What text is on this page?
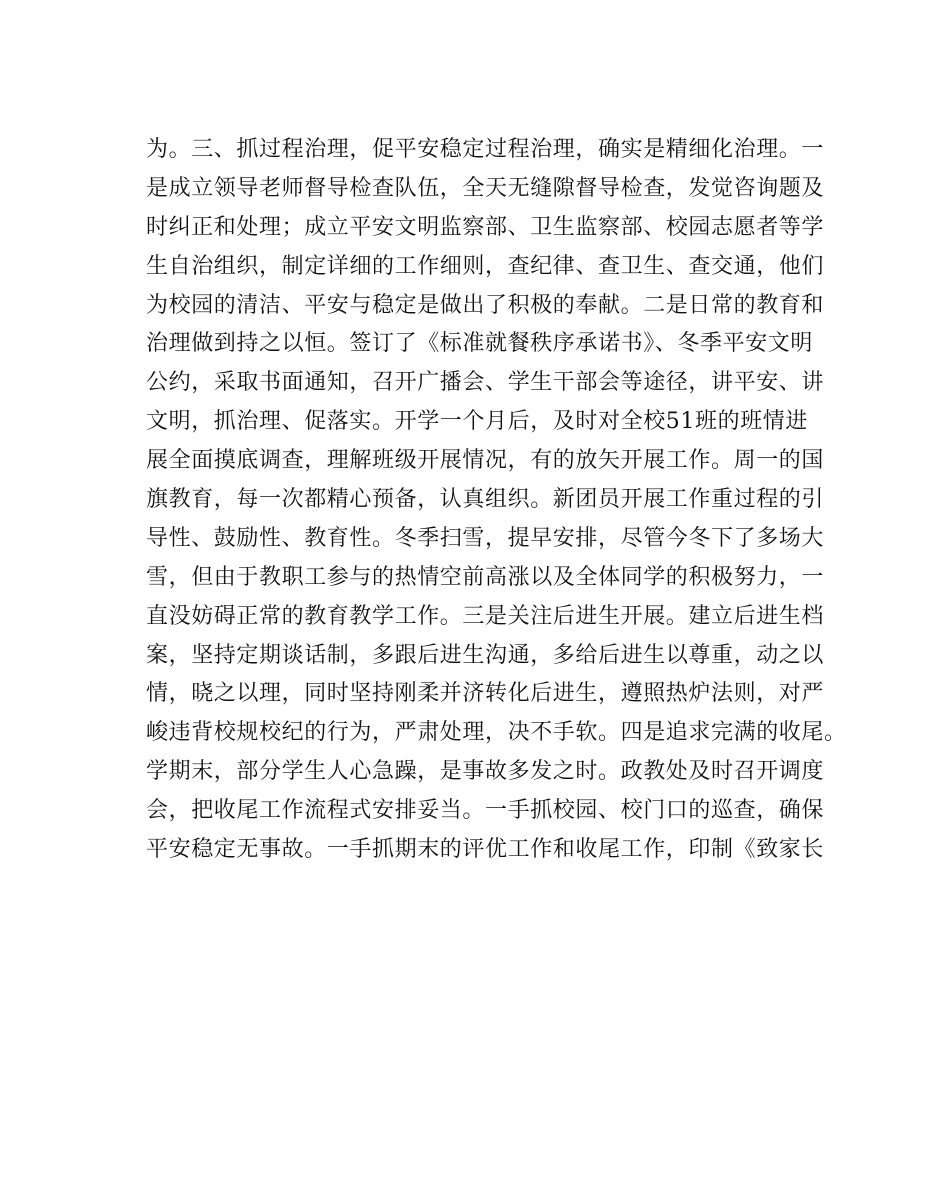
为。三、抓过程治理，促平安稳定过程治理，确实是精细化治理。一
是成立领导老师督导检查队伍，全天无缝隙督导检查，发觉咨询题及
时纠正和处理；成立平安文明监察部、卫生监察部、校园志愿者等学
生自治组织，制定详细的工作细则，查纪律、查卫生、查交通，他们
为校园的清洁、平安与稳定是做出了积极的奉献。二是日常的教育和
治理做到持之以恒。签订了《标准就餐秩序承诺书》、冬季平安文明
公约，采取书面通知，召开广播会、学生干部会等途径，讲平安、讲
文明，抓治理、促落实。开学一个月后，及时对全校51班的班情进
展全面摸底调查，理解班级开展情况，有的放矢开展工作。周一的国
旗教育，每一次都精心预备，认真组织。新团员开展工作重过程的引
导性、鼓励性、教育性。冬季扫雪，提早安排，尽管今冬下了多场大
雪，但由于教职工参与的热情空前高涨以及全体同学的积极努力，一
直没妨碍正常的教育教学工作。三是关注后进生开展。建立后进生档
案，坚持定期谈话制，多跟后进生沟通，多给后进生以尊重，动之以
情，晓之以理，同时坚持刚柔并济转化后进生，遵照热炉法则，对严
峻违背校规校纪的行为，严肃处理，决不手软。四是追求完满的收尾。
学期末，部分学生人心急躁，是事故多发之时。政教处及时召开调度
会，把收尾工作流程式安排妥当。一手抓校园、校门口的巡查，确保
平安稳定无事故。一手抓期末的评优工作和收尾工作，印制《致家长
